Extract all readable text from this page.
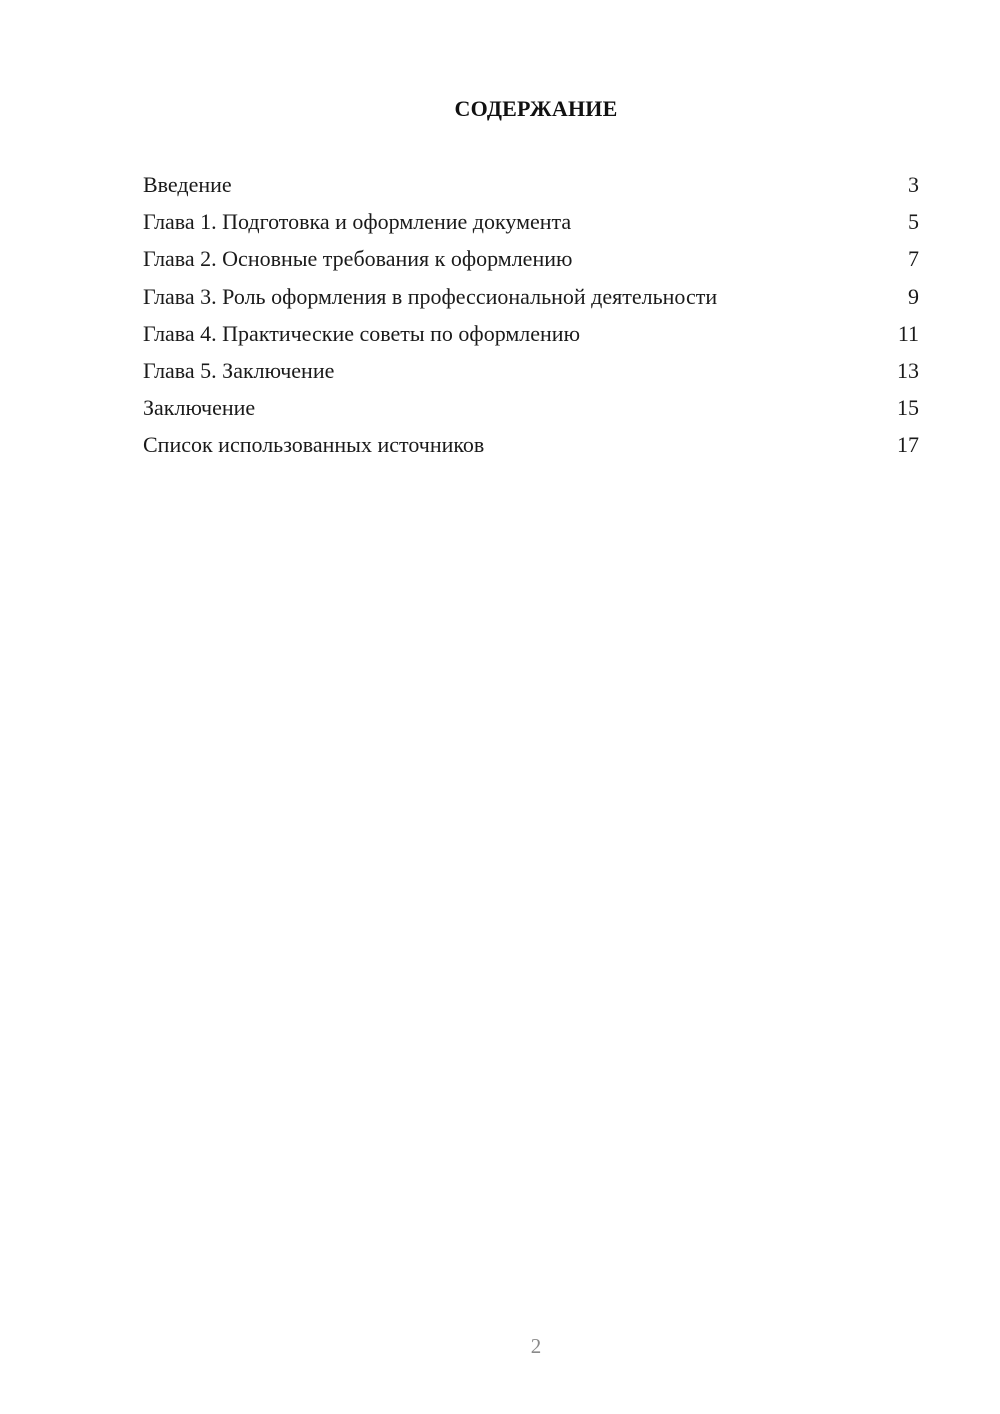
СОДЕРЖАНИЕ
Введение	3
Глава 1. Подготовка и оформление документа	5
Глава 2. Основные требования к оформлению	7
Глава 3. Роль оформления в профессиональной деятельности	9
Глава 4. Практические советы по оформлению	11
Глава 5. Заключение	13
Заключение	15
Список использованных источников	17
2
